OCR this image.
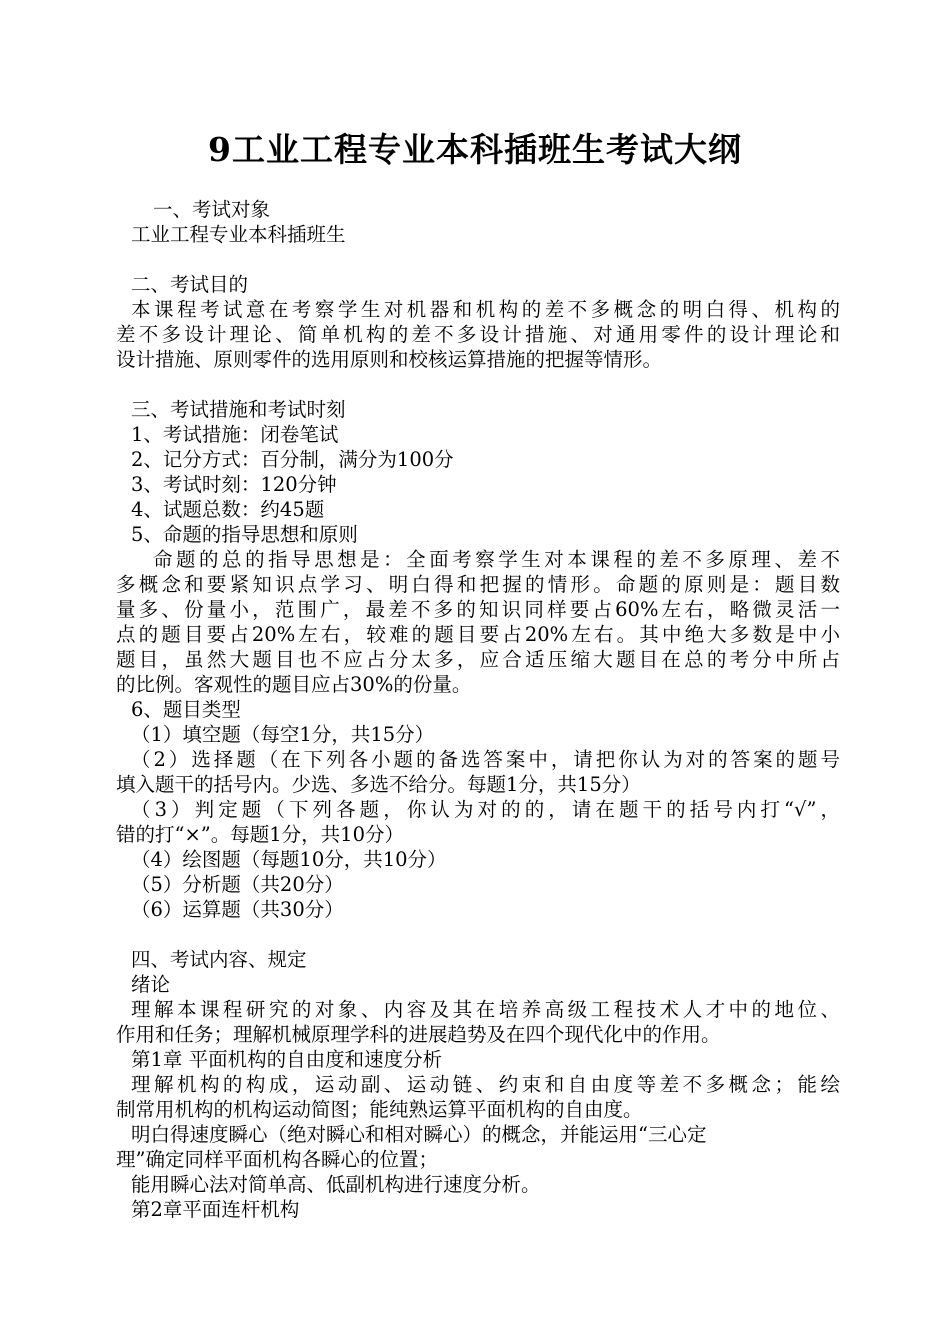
9工业工程专业本科插班生考试大纲
一、考试对象
工业工程专业本科插班生
二、考试目的
本课程考试意在考察学生对机器和机构的差不多概念的明白得、机构的
差不多设计理论、简单机构的差不多设计措施、对通用零件的设计理论和
设计措施、原则零件的选用原则和校核运算措施的把握等情形。
三、考试措施和考试时刻
1、考试措施：闭卷笔试
2、记分方式：百分制，满分为100分
3、考试时刻：120分钟
4、试题总数：约45题
5、命题的指导思想和原则
命题的总的指导思想是：全面考察学生对本课程的差不多原理、差不
多概念和要紧知识点学习、明白得和把握的情形。命题的原则是：题目数
量多、份量小，范围广，最差不多的知识同样要占60%左右，略微灵活一
点的题目要占20%左右，较难的题目要占20%左右。其中绝大多数是中小
题目，虽然大题目也不应占分太多，应合适压缩大题目在总的考分中所占
的比例。客观性的题目应占30%的份量。
6、题目类型
（1）填空题（每空1分，共15分）
（2）选择题（在下列各小题的备选答案中，请把你认为对的答案的题号
填入题干的括号内。少选、多选不给分。每题1分，共15分）
（3）判定题（下列各题，你认为对的的，请在题干的括号内打“√”，
错的打“×”。每题1分，共10分）
（4）绘图题（每题10分，共10分）
（5）分析题（共20分）
（6）运算题（共30分）
四、考试内容、规定
绪论
理解本课程研究的对象、内容及其在培养高级工程技术人才中的地位、
作用和任务；理解机械原理学科的进展趋势及在四个现代化中的作用。
第1章 平面机构的自由度和速度分析
理解机构的构成，运动副、运动链、约束和自由度等差不多概念；能绘
制常用机构的机构运动简图；能纯熟运算平面机构的自由度。
明白得速度瞬心（绝对瞬心和相对瞬心）的概念，并能运用“三心定
理”确定同样平面机构各瞬心的位置；
能用瞬心法对简单高、低副机构进行速度分析。
第2章平面连杆机构
